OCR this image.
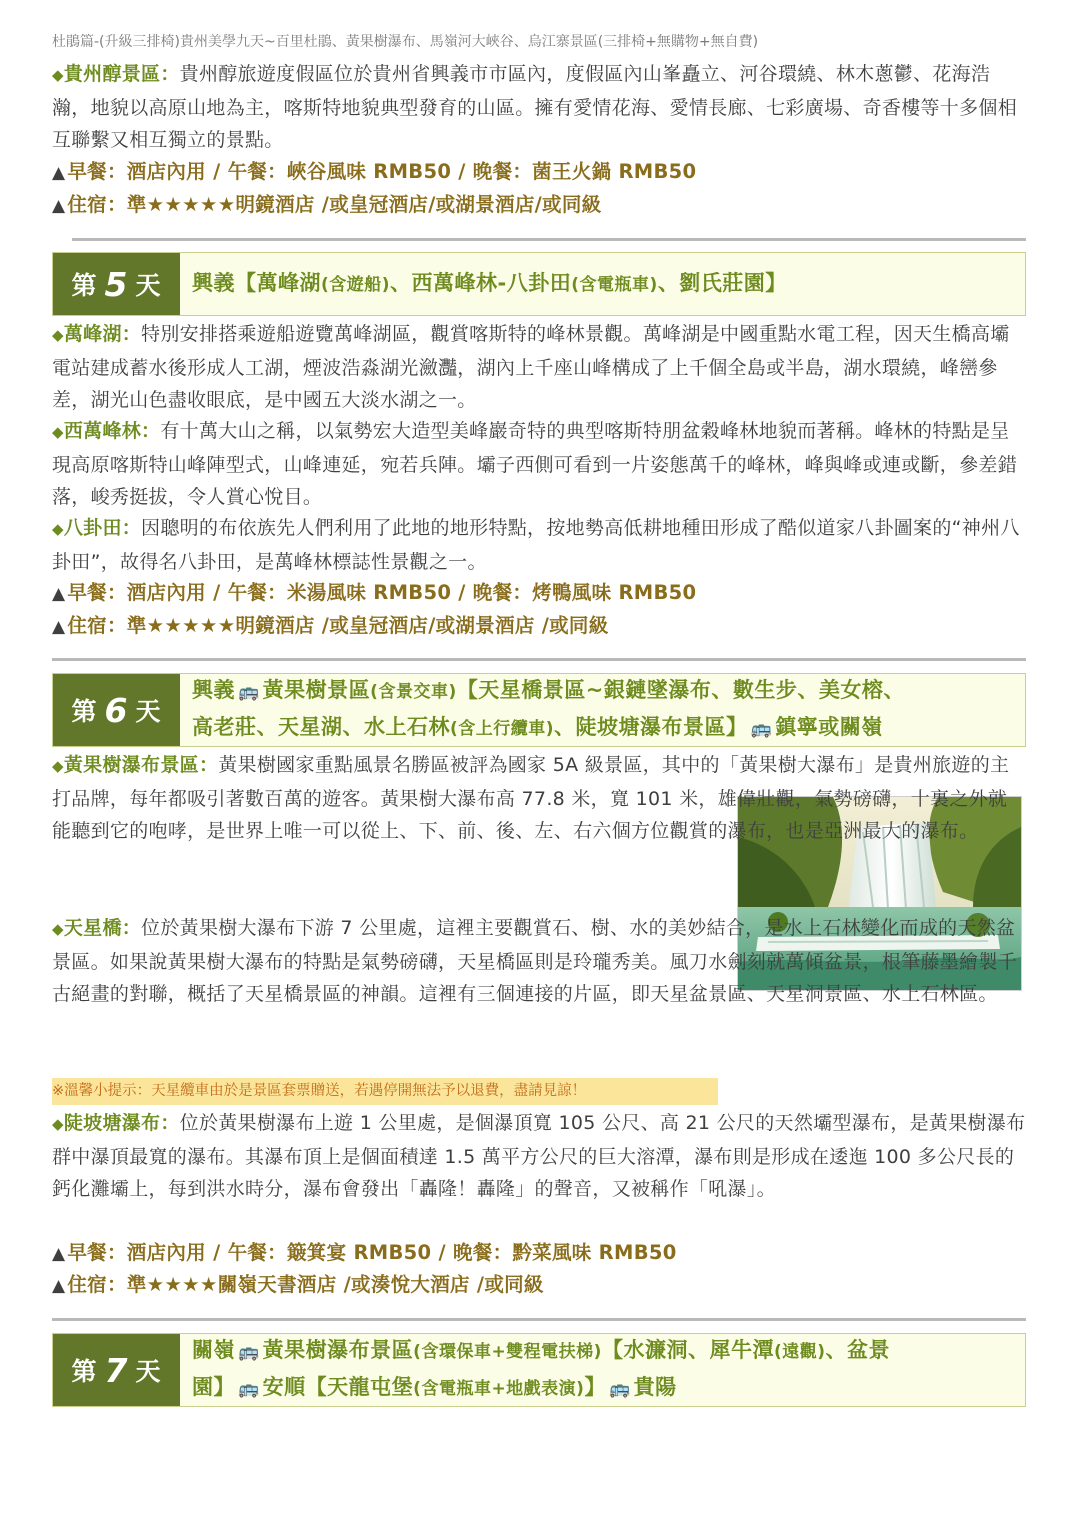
杜鵑篇-(升級三排椅)貴州美學九天~百里杜鵑、黃果樹瀑布、馬嶺河大峽谷、烏江寨景區(三排椅+無購物+無自費)
◆貴州醇景區：貴州醇旅遊度假區位於貴州省興義市市區內，度假區內山峯矗立、河谷環繞、林木蔥鬱、花海浩瀚，地貌以高原山地為主，喀斯特地貌典型發育的山區。擁有愛情花海、愛情長廊、七彩廣場、奇香樓等十多個相互聯繫又相互獨立的景點。
▲ 早餐：酒店內用 / 午餐：峽谷風味 RMB50 / 晚餐：菌王火鍋 RMB50
▲ 住宿：準★★★★★明鏡酒店 /或皇冠酒店/或湖景酒店/或同級
第 5 天 興義【萬峰湖(含遊船)、西萬峰林-八卦田(含電瓶車)、劉氏莊園】
◆萬峰湖：特別安排搭乘遊船遊覽萬峰湖區，觀賞喀斯特的峰林景觀。萬峰湖是中國重點水電工程，因天生橋高壩電站建成蓄水後形成人工湖，煙波浩淼湖光瀲灩，湖內上千座山峰構成了上千個全島或半島，湖水環繞，峰巒參差，湖光山色盡收眼底，是中國五大淡水湖之一。
◆西萬峰林：有十萬大山之稱，以氣勢宏大造型美峰巖奇特的典型喀斯特朋盆穀峰林地貌而著稱。峰林的特點是呈現高原喀斯特山峰陣型式，山峰連延，宛若兵陣。壩子西側可看到一片姿態萬千的峰林，峰與峰或連或斷，參差錯落，峻秀挺拔，令人賞心悅目。
◆八卦田：因聰明的布依族先人們利用了此地的地形特點，按地勢高低耕地種田形成了酷似道家八卦圖案的“神州八卦田”，故得名八卦田，是萬峰林標誌性景觀之一。
▲ 早餐：酒店內用 / 午餐：米湯風味 RMB50 / 晚餐：烤鴨風味 RMB50
▲ 住宿：準★★★★★明鏡酒店 /或皇冠酒店/或湖景酒店 /或同級
第 6 天
興義 🚌 黃果樹景區(含景交車)【天星橋景區~銀鏈墜瀑布、數生步、美女榕、
高老莊、天星湖、水上石林(含上行纜車)、陡坡塘瀑布景區】 🚌 鎮寧或關嶺
◆黃果樹瀑布景區：黃果樹國家重點風景名勝區被評為國家 5A 級景區，其中的「黃果樹大瀑布」是貴州旅遊的主打品牌，每年都吸引著數百萬的遊客。黃果樹大瀑布高 77.8 米，寬 101 米，雄偉壯觀，氣勢磅礴，十裏之外就能聽到它的咆哮，是世界上唯一可以從上、下、前、後、左、右六個方位觀賞的瀑布，也是亞洲最大的瀑布。
◆天星橋：位於黃果樹大瀑布下游 7 公里處，這裡主要觀賞石、樹、水的美妙結合，是水上石林變化而成的天然盆景區。如果說黃果樹大瀑布的特點是氣勢磅礴，天星橋區則是玲瓏秀美。風刀水劍刻就萬傾盆景，根筆藤墨繪製千古絕畫的對聯，概括了天星橋景區的神韻。這裡有三個連接的片區，即天星盆景區、天星洞景區、水上石林區。
※溫馨小提示：天星纜車由於是景區套票贈送，若遇停開無法予以退費，盡請見諒！
◆陡坡塘瀑布：位於黃果樹瀑布上遊 1 公里處，是個瀑頂寬 105 公尺、高 21 公尺的天然壩型瀑布，是黃果樹瀑布群中瀑頂最寬的瀑布。其瀑布頂上是個面積達 1.5 萬平方公尺的巨大溶潭，瀑布則是形成在逶迤 100 多公尺長的鈣化灘壩上，每到洪水時分，瀑布會發出「轟隆！轟隆」的聲音，又被稱作「吼瀑」。
▲ 早餐：酒店內用 / 午餐：簸箕宴 RMB50 / 晚餐：黔菜風味 RMB50
▲ 住宿：準★★★★關嶺天書酒店 /或湊悅大酒店 /或同級
第 7 天
關嶺 🚌 黃果樹瀑布景區(含環保車+雙程電扶梯)【水濂洞、犀牛潭(遠觀)、盆景
園】 🚌 安順【天龍屯堡(含電瓶車+地戲表演)】 🚌 貴陽
